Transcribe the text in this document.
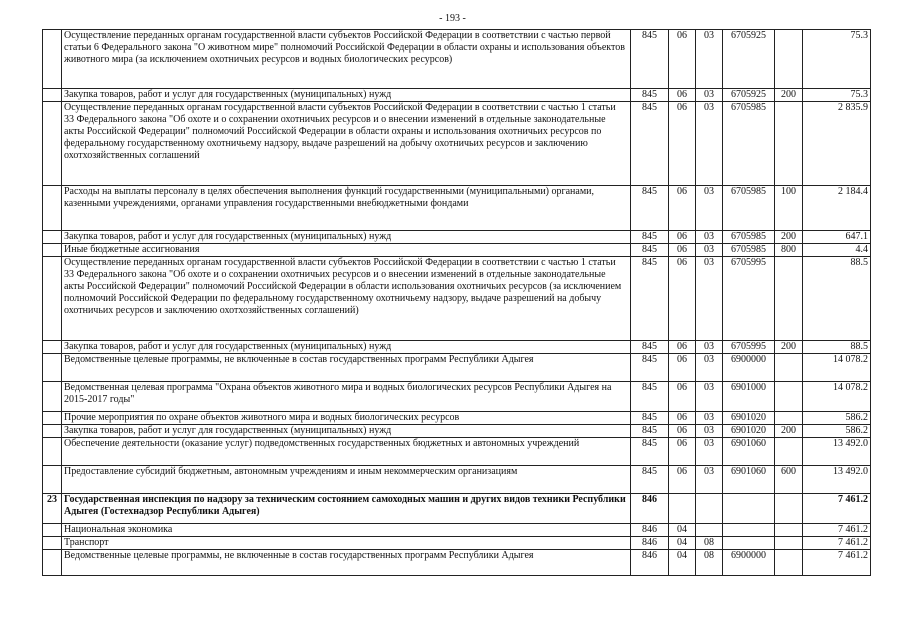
- 193 -
	Осуществление переданных органам государственной власти субъектов Российской Федерации в соответствии с частью первой статьи 6 Федерального закона "О животном мире" полномочий Российской Федерации в области охраны и использования объектов животного мира (за исключением охотничьих ресурсов и водных биологических ресурсов)	845	06	03	6705925		75.3
	Закупка товаров, работ и услуг для государственных (муниципальных) нужд	845	06	03	6705925	200	75.3
	Осуществление переданных органам государственной власти субъектов Российской Федерации в соответствии с частью 1 статьи 33 Федерального закона "Об охоте и о сохранении охотничьих ресурсов и о внесении изменений в отдельные законодательные акты Российской Федерации" полномочий Российской Федерации в области охраны и использования охотничьих ресурсов по федеральному государственному охотничьему надзору, выдаче разрешений на добычу охотничьих ресурсов и заключению охотхозяйственных соглашений	845	06	03	6705985		2 835.9
	Расходы на выплаты персоналу в целях обеспечения выполнения функций государственными (муниципальными) органами, казенными учреждениями, органами управления государственными внебюджетными фондами	845	06	03	6705985	100	2 184.4
	Закупка товаров, работ и услуг для государственных (муниципальных) нужд	845	06	03	6705985	200	647.1
	Иные бюджетные ассигнования	845	06	03	6705985	800	4.4
	Осуществление переданных органам государственной власти субъектов Российской Федерации в соответствии с частью 1 статьи 33 Федерального закона "Об охоте и о сохранении охотничьих ресурсов и о внесении изменений в отдельные законодательные акты Российской Федерации" полномочий Российской Федерации в области использования охотничьих ресурсов (за исключением полномочий Российской Федерации по федеральному государственному охотничьему надзору, выдаче разрешений на добычу охотничьих ресурсов и заключению охотхозяйственных соглашений)	845	06	03	6705995		88.5
	Закупка товаров, работ и услуг для государственных (муниципальных) нужд	845	06	03	6705995	200	88.5
	Ведомственные целевые программы, не включенные в состав государственных программ Республики Адыгея	845	06	03	6900000		14 078.2
	Ведомственная целевая программа "Охрана объектов животного мира и водных биологических ресурсов Республики Адыгея на 2015-2017 годы"	845	06	03	6901000		14 078.2
	Прочие мероприятия по охране объектов животного мира и водных биологических ресурсов	845	06	03	6901020		586.2
	Закупка товаров, работ и услуг для государственных (муниципальных) нужд	845	06	03	6901020	200	586.2
	Обеспечение деятельности (оказание услуг) подведомственных государственных бюджетных и автономных учреждений	845	06	03	6901060		13 492.0
	Предоставление субсидий бюджетным, автономным учреждениям и иным некоммерческим организациям	845	06	03	6901060	600	13 492.0
23	Государственная инспекция по надзору за техническим состоянием самоходных машин и других видов техники Республики Адыгея (Гостехнадзор Республики Адыгея)	846					7 461.2
	Национальная экономика	846	04				7 461.2
	Транспорт	846	04	08			7 461.2
	Ведомственные целевые программы, не включенные в состав государственных программ Республики Адыгея	846	04	08	6900000		7 461.2
